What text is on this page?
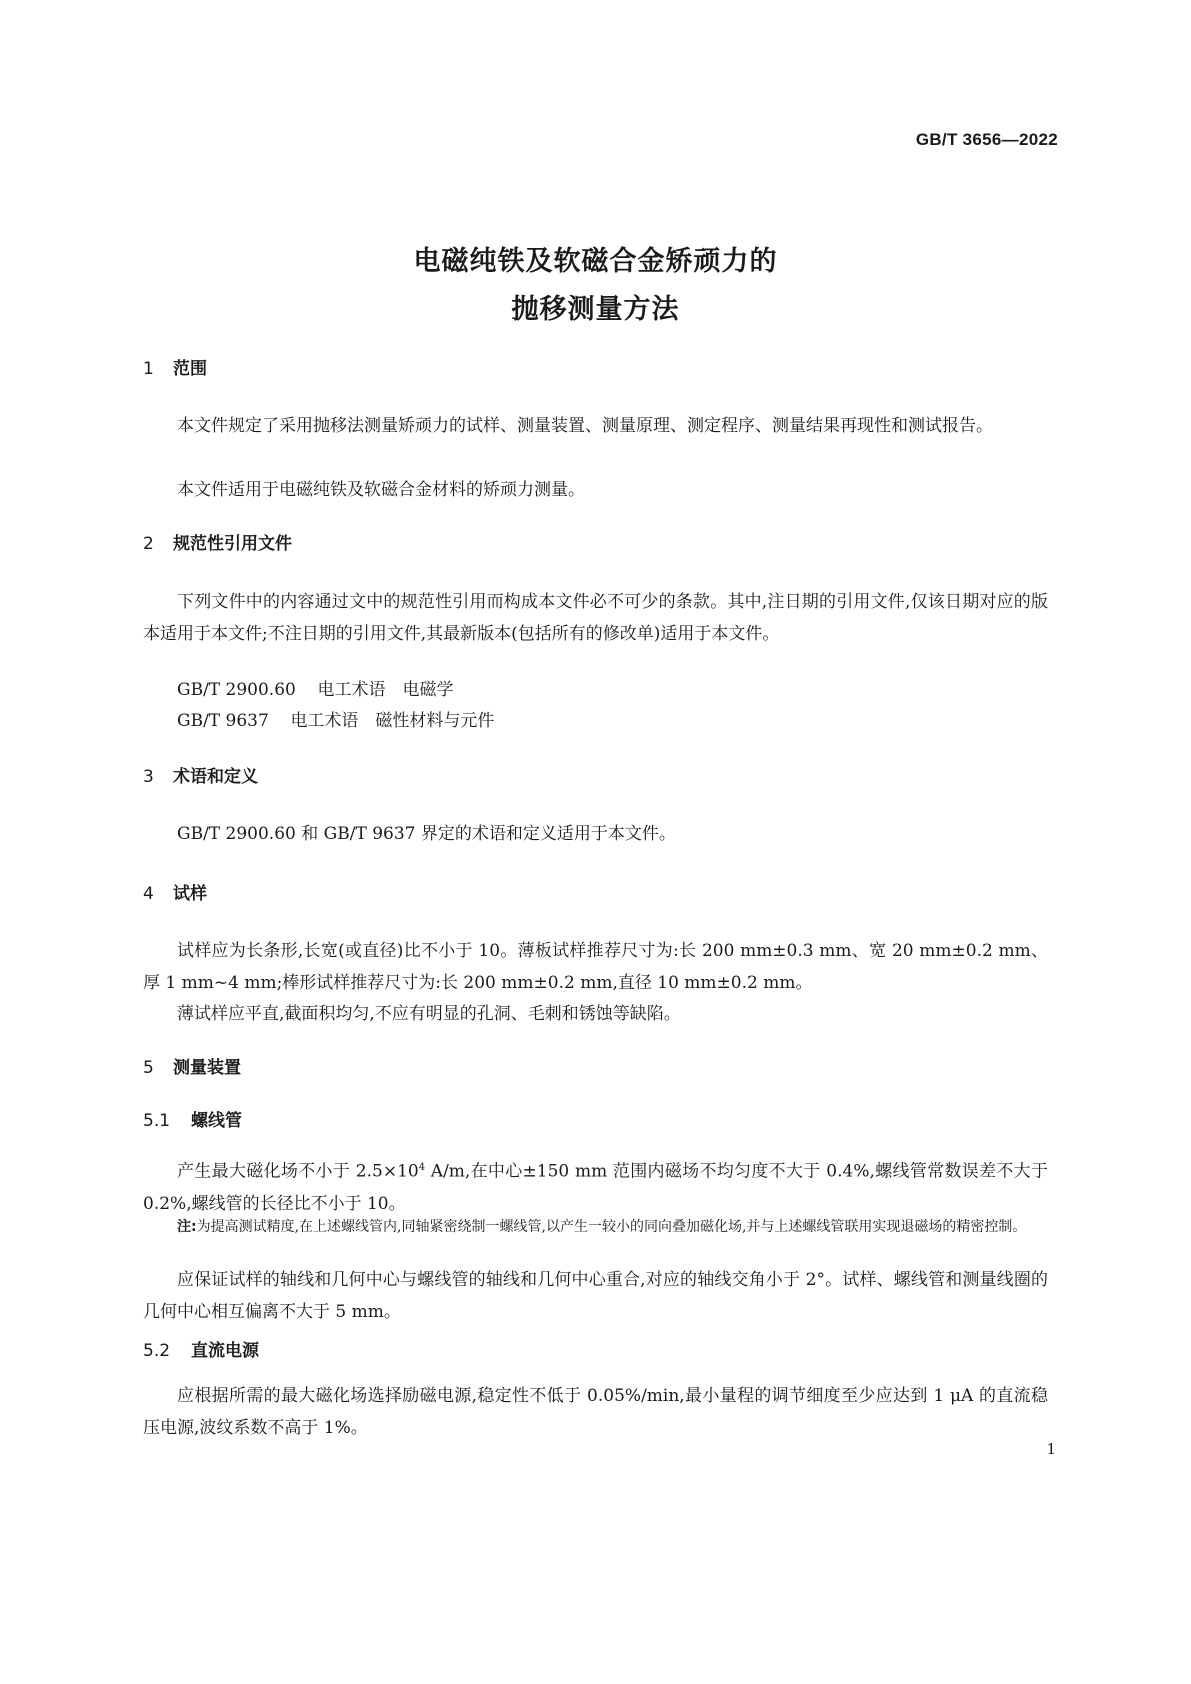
GB/T 3656—2022
电磁纯铁及软磁合金矫顽力的
抛移测量方法
1 范围

本文件规定了采用抛移法测量矫顽力的试样、测量装置、测量原理、测定程序、测量结果再现性和测试报告。

本文件适用于电磁纯铁及软磁合金材料的矫顽力测量。

2 规范性引用文件

下列文件中的内容通过文中的规范性引用而构成本文件必不可少的条款。其中,注日期的引用文件,仅该日期对应的版本适用于本文件;不注日期的引用文件,其最新版本(包括所有的修改单)适用于本文件。

GB/T 2900.60 电工术语　电磁学
GB/T 9637 电工术语　磁性材料与元件
3 术语和定义

GB/T 2900.60 和 GB/T 9637 界定的术语和定义适用于本文件。

4 试样

试样应为长条形,长宽(或直径)比不小于 10。薄板试样推荐尺寸为:长 200 mm±0.3 mm、宽 20 mm±0.2 mm、厚 1 mm~4 mm;棒形试样推荐尺寸为:长 200 mm±0.2 mm,直径 10 mm±0.2 mm。

薄试样应平直,截面积均匀,不应有明显的孔洞、毛刺和锈蚀等缺陷。

5 测量装置
5.1 螺线管

产生最大磁化场不小于 $2.5\times 10^4$ A/m,在中心±150 mm 范围内磁场不均匀度不大于 0.4%,螺线管常数误差不大于 0.2%,螺线管的长径比不小于 10。

注:为提高测试精度,在上述螺线管内,同轴紧密绕制一螺线管,以产生一较小的同向叠加磁化场,并与上述螺线管联用实现退磁场的精密控制。

应保证试样的轴线和几何中心与螺线管的轴线和几何中心重合,对应的轴线交角小于 2°。试样、螺线管和测量线圈的几何中心相互偏离不大于 5 mm。

5.2 直流电源

应根据所需的最大磁化场选择励磁电源,稳定性不低于 0.05%/min,最小量程的调节细度至少应达到 1 μA 的直流稳压电源,波纹系数不高于 1%。

1
